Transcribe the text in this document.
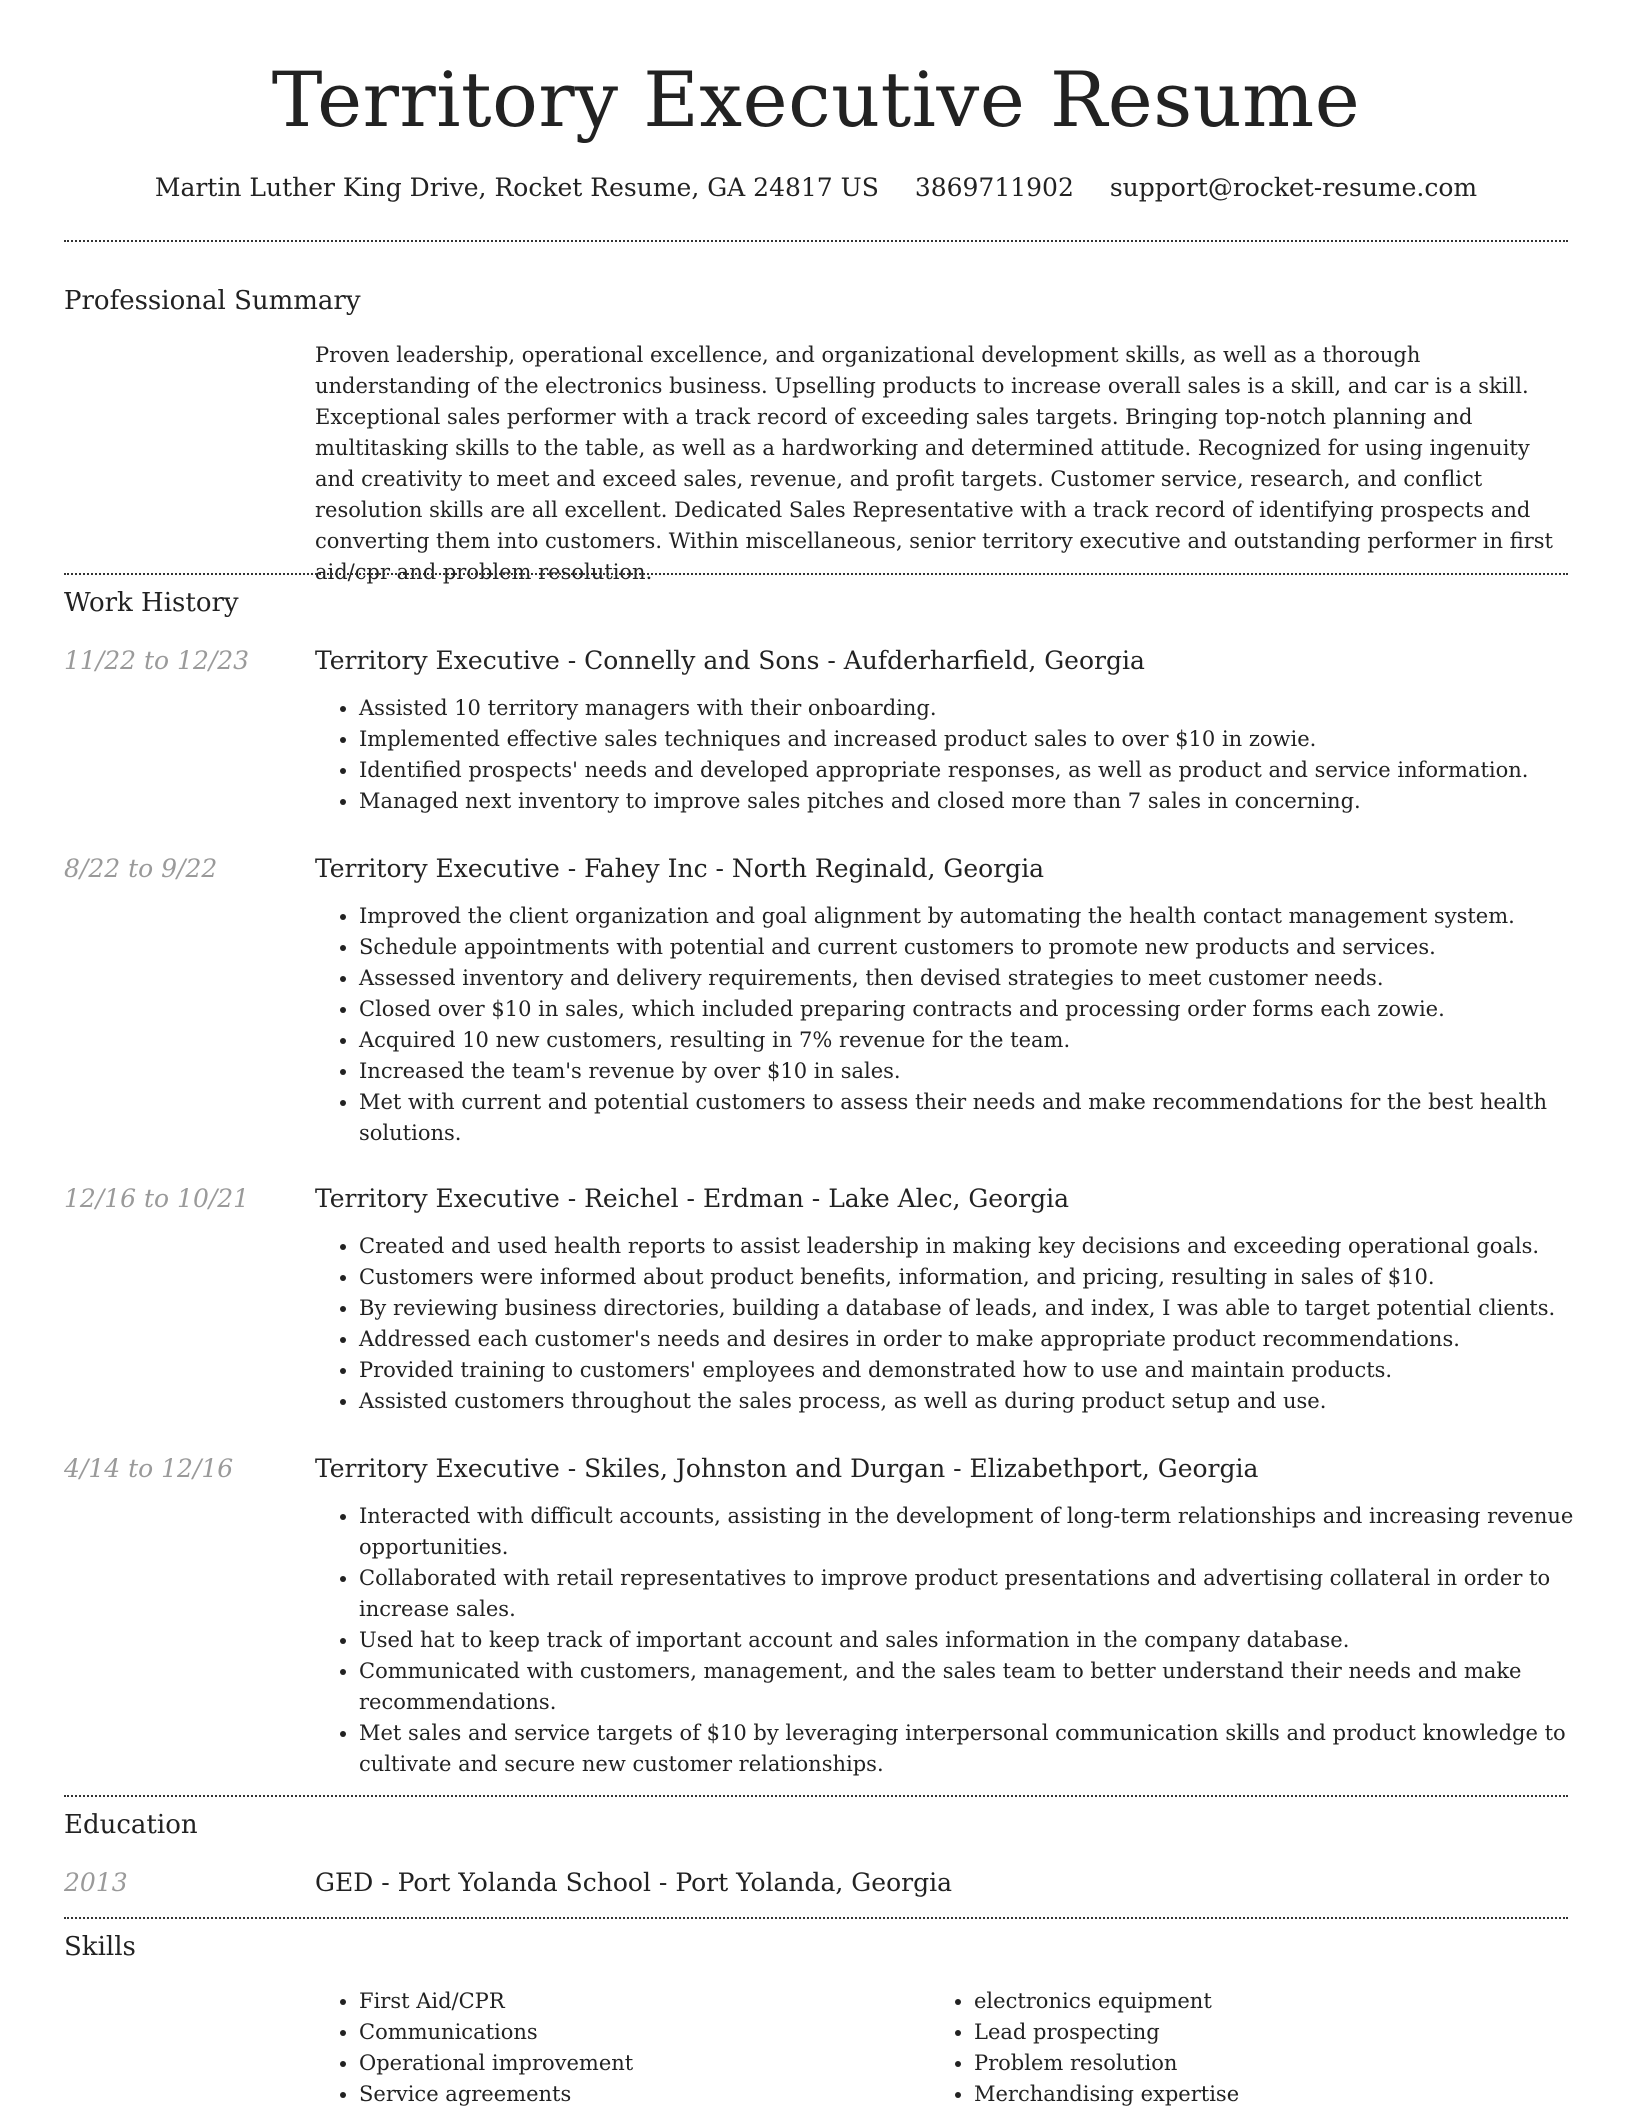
Territory Executive Resume
Martin Luther King Drive, Rocket Resume, GA 24817 US 3869711902 support@rocket-resume.com
Professional Summary
Proven leadership, operational excellence, and organizational development skills, as well as a thorough understanding of the electronics business. Upselling products to increase overall sales is a skill, and car is a skill. Exceptional sales performer with a track record of exceeding sales targets. Bringing top-notch planning and multitasking skills to the table, as well as a hardworking and determined attitude. Recognized for using ingenuity and creativity to meet and exceed sales, revenue, and profit targets. Customer service, research, and conflict resolution skills are all excellent. Dedicated Sales Representative with a track record of identifying prospects and converting them into customers. Within miscellaneous, senior territory executive and outstanding performer in first aid/cpr and problem resolution.
Work History
11/22 to 12/23	Territory Executive - Connelly and Sons - Aufderharfield, Georgia
• Assisted 10 territory managers with their onboarding.
• Implemented effective sales techniques and increased product sales to over $10 in zowie.
• Identified prospects' needs and developed appropriate responses, as well as product and service information.
• Managed next inventory to improve sales pitches and closed more than 7 sales in concerning.
8/22 to 9/22	Territory Executive - Fahey Inc - North Reginald, Georgia
• Improved the client organization and goal alignment by automating the health contact management system.
• Schedule appointments with potential and current customers to promote new products and services.
• Assessed inventory and delivery requirements, then devised strategies to meet customer needs.
• Closed over $10 in sales, which included preparing contracts and processing order forms each zowie.
• Acquired 10 new customers, resulting in 7% revenue for the team.
• Increased the team's revenue by over $10 in sales.
• Met with current and potential customers to assess their needs and make recommendations for the best health solutions.
12/16 to 10/21	Territory Executive - Reichel - Erdman - Lake Alec, Georgia
• Created and used health reports to assist leadership in making key decisions and exceeding operational goals.
• Customers were informed about product benefits, information, and pricing, resulting in sales of $10.
• By reviewing business directories, building a database of leads, and index, I was able to target potential clients.
• Addressed each customer's needs and desires in order to make appropriate product recommendations.
• Provided training to customers' employees and demonstrated how to use and maintain products.
• Assisted customers throughout the sales process, as well as during product setup and use.
4/14 to 12/16	Territory Executive - Skiles, Johnston and Durgan - Elizabethport, Georgia
• Interacted with difficult accounts, assisting in the development of long-term relationships and increasing revenue opportunities.
• Collaborated with retail representatives to improve product presentations and advertising collateral in order to increase sales.
• Used hat to keep track of important account and sales information in the company database.
• Communicated with customers, management, and the sales team to better understand their needs and make recommendations.
• Met sales and service targets of $10 by leveraging interpersonal communication skills and product knowledge to cultivate and secure new customer relationships.
Education
2013	GED - Port Yolanda School - Port Yolanda, Georgia
Skills
• First Aid/CPR
• Communications
• Operational improvement
• Service agreements
• electronics equipment
• Lead prospecting
• Problem resolution
• Merchandising expertise
